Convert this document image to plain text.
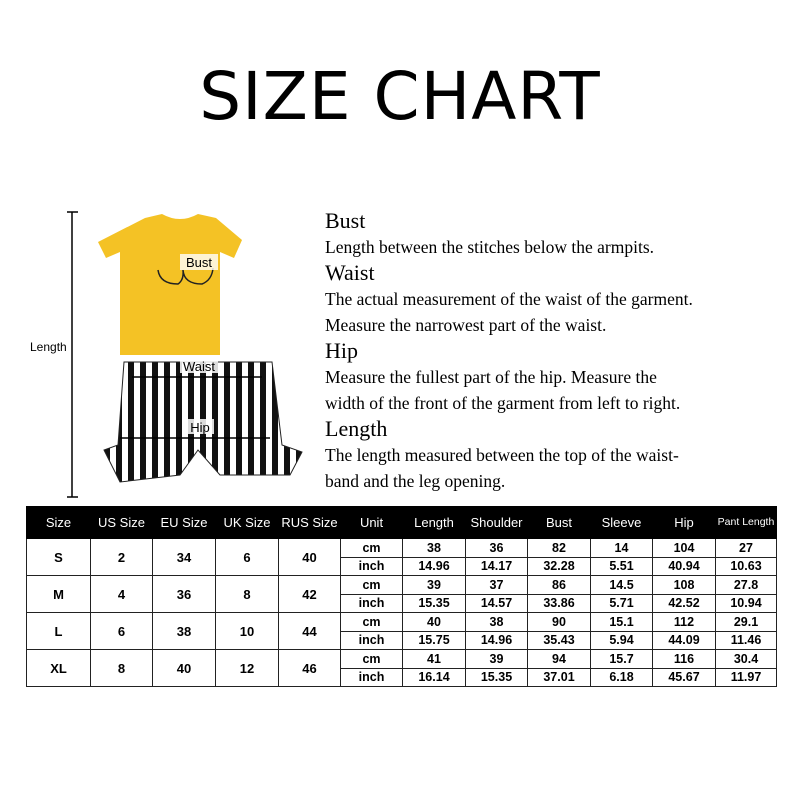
SIZE CHART
Bust
Waist
Hip
Length
Bust

Length between the stitches below the armpits.

Waist

The actual measurement of the waist of the garment.

Measure the narrowest part of the waist.

Hip

Measure the fullest part of the hip. Measure the

width of the front of the garment from left to right.

Length

The length measured between the top of the waist-

band and the leg opening.

Size	US Size	EU Size	UK Size	RUS Size	Unit	Length	Shoulder	Bust	Sleeve	Hip	Pant Length
S	2	34	6	40	cm	38	36	82	14	104	27
					inch	14.96	14.17	32.28	5.51	40.94	10.63
M	4	36	8	42	cm	39	37	86	14.5	108	27.8
					inch	15.35	14.57	33.86	5.71	42.52	10.94
L	6	38	10	44	cm	40	38	90	15.1	112	29.1
					inch	15.75	14.96	35.43	5.94	44.09	11.46
XL	8	40	12	46	cm	41	39	94	15.7	116	30.4
					inch	16.14	15.35	37.01	6.18	45.67	11.97
